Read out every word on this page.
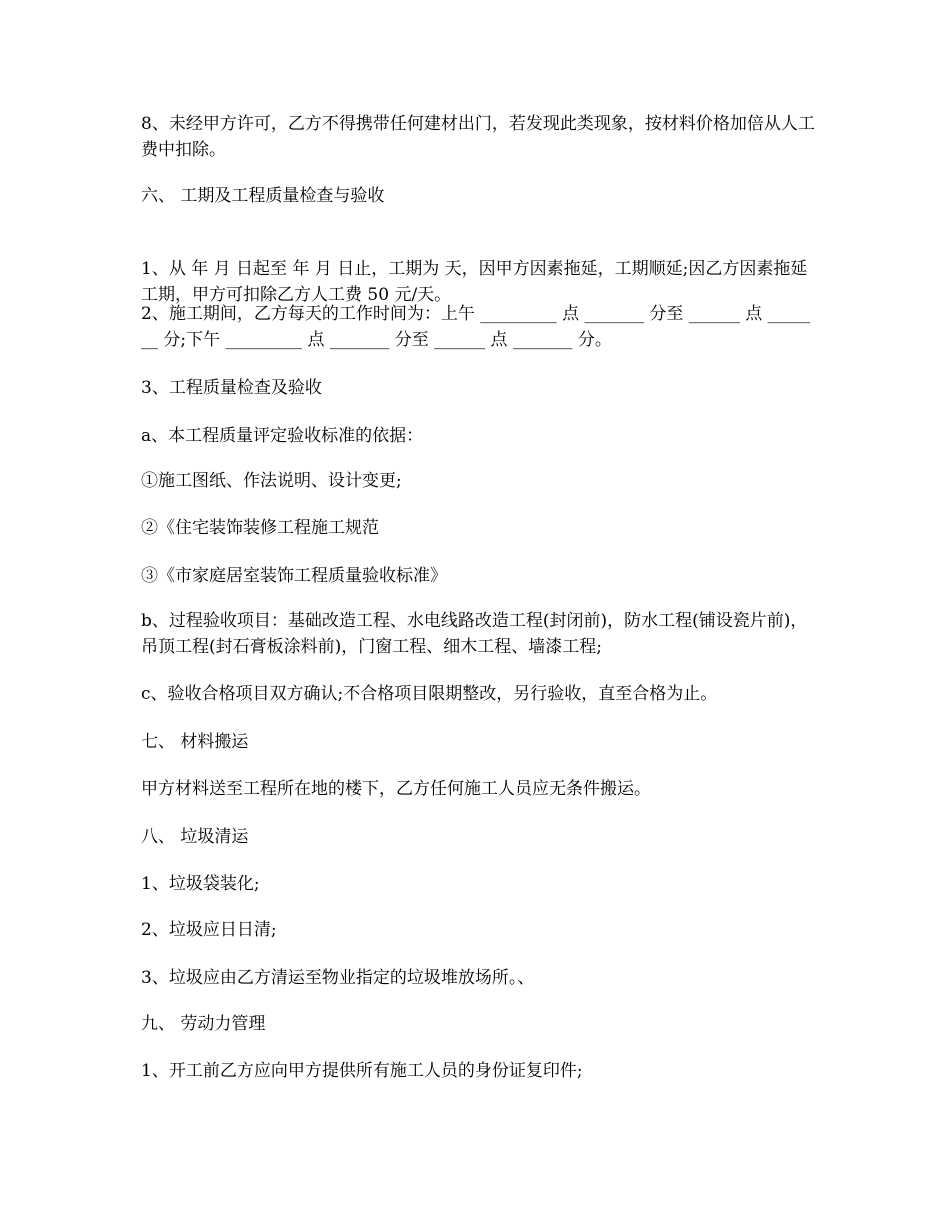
8、未经甲方许可，乙方不得携带任何建材出门，若发现此类现象，按材料价格加倍从人工费中扣除。

六、 工期及工程质量检查与验收

1、从 年 月 日起至 年 月 日止，工期为 天，因甲方因素拖延，工期顺延;因乙方因素拖延工期，甲方可扣除乙方人工费 50 元/天。

2、施工期间，乙方每天的工作时间为：上午 _________ 点 _______ 分至 ______ 点 _______ 分;下午 _________ 点 _______ 分至 ______ 点 _______ 分。

3、工程质量检查及验收

a、本工程质量评定验收标准的依据：

①施工图纸、作法说明、设计变更;

②《住宅装饰装修工程施工规范

③《市家庭居室装饰工程质量验收标准》

b、过程验收项目：基础改造工程、水电线路改造工程(封闭前)，防水工程(铺设瓷片前)，吊顶工程(封石膏板涂料前)，门窗工程、细木工程、墙漆工程;

c、验收合格项目双方确认;不合格项目限期整改，另行验收，直至合格为止。

七、 材料搬运

甲方材料送至工程所在地的楼下，乙方任何施工人员应无条件搬运。

八、 垃圾清运

1、垃圾袋装化;

2、垃圾应日日清;

3、垃圾应由乙方清运至物业指定的垃圾堆放场所。、

九、 劳动力管理

1、开工前乙方应向甲方提供所有施工人员的身份证复印件;
